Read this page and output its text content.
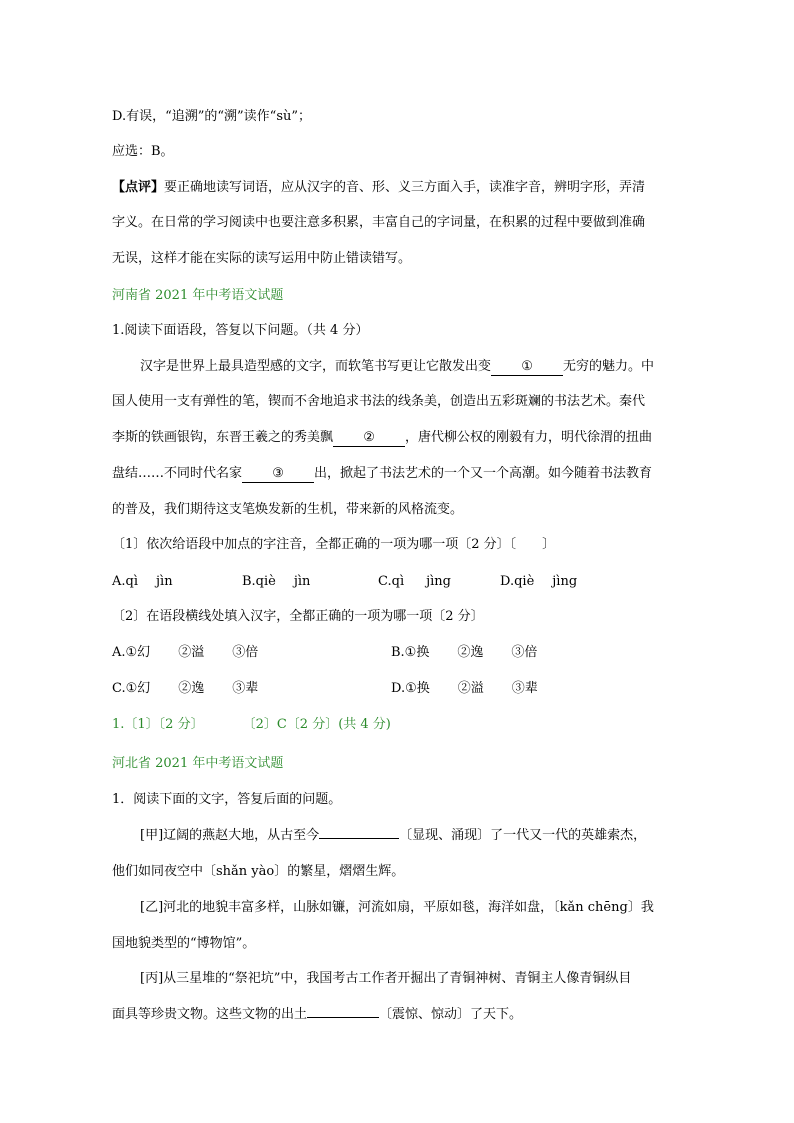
D.有误，“追溯”的“溯”读作“sù”；
应选：B。
【点评】要正确地读写词语，应从汉字的音、形、义三方面入手，读准字音，辨明字形，弄清
字义。在日常的学习阅读中也要注意多积累，丰富自己的字词量，在积累的过程中要做到准确
无误，这样才能在实际的读写运用中防止错读错写。
河南省 2021 年中考语文试题
1.阅读下面语段，答复以下问题。（共 4 分）
汉字是世界上最具造型感的文字，而软笔书写更让它散发出变 ① 无穷的魅力。中
国人使用一支有弹性的笔，锲而不舍地追求书法的线条美，创造出五彩斑斓的书法艺术。秦代
李斯的铁画银钩，东晋王羲之的秀美飘 ② ，唐代柳公权的刚毅有力，明代徐渭的扭曲
盘结……不同时代名家 ③ 出，掀起了书法艺术的一个又一个高潮。如今随着书法教育
的普及，我们期待这支笔焕发新的生机，带来新的风格流变。
〔1〕依次给语段中加点的字注音，全都正确的一项为哪一项〔2 分〕〔　　〕
A.qì jìn	B.qiè jìn	C.qì jìng	D.qiè jìng
〔2〕在语段横线处填入汉字，全都正确的一项为哪一项〔2 分〕
A.①幻 ②溢 ③倍	B.①换 ②逸 ③倍
C.①幻 ②逸 ③辈	D.①换 ②溢 ③辈
1.〔1〕〔2 分〕　　　　〔2〕C〔2 分〕(共 4 分)
河北省 2021 年中考语文试题
1．阅读下面的文字，答复后面的问题。
[甲]辽阔的燕赵大地，从古至今	〔显现、涌现〕了一代又一代的英雄索杰，
他们如同夜空中〔shǎn yào〕的繁星，熠熠生辉。
[乙]河北的地貌丰富多样，山脉如镰，河流如扇，平原如毯，海洋如盘，〔kǎn chēng〕我
国地貌类型的“博物馆”。
[丙]从三星堆的“祭祀坑”中，我国考古工作者开掘出了青铜神树、青铜主人像青铜纵目
面具等珍贵文物。这些文物的出土	〔震惊、惊动〕了天下。
